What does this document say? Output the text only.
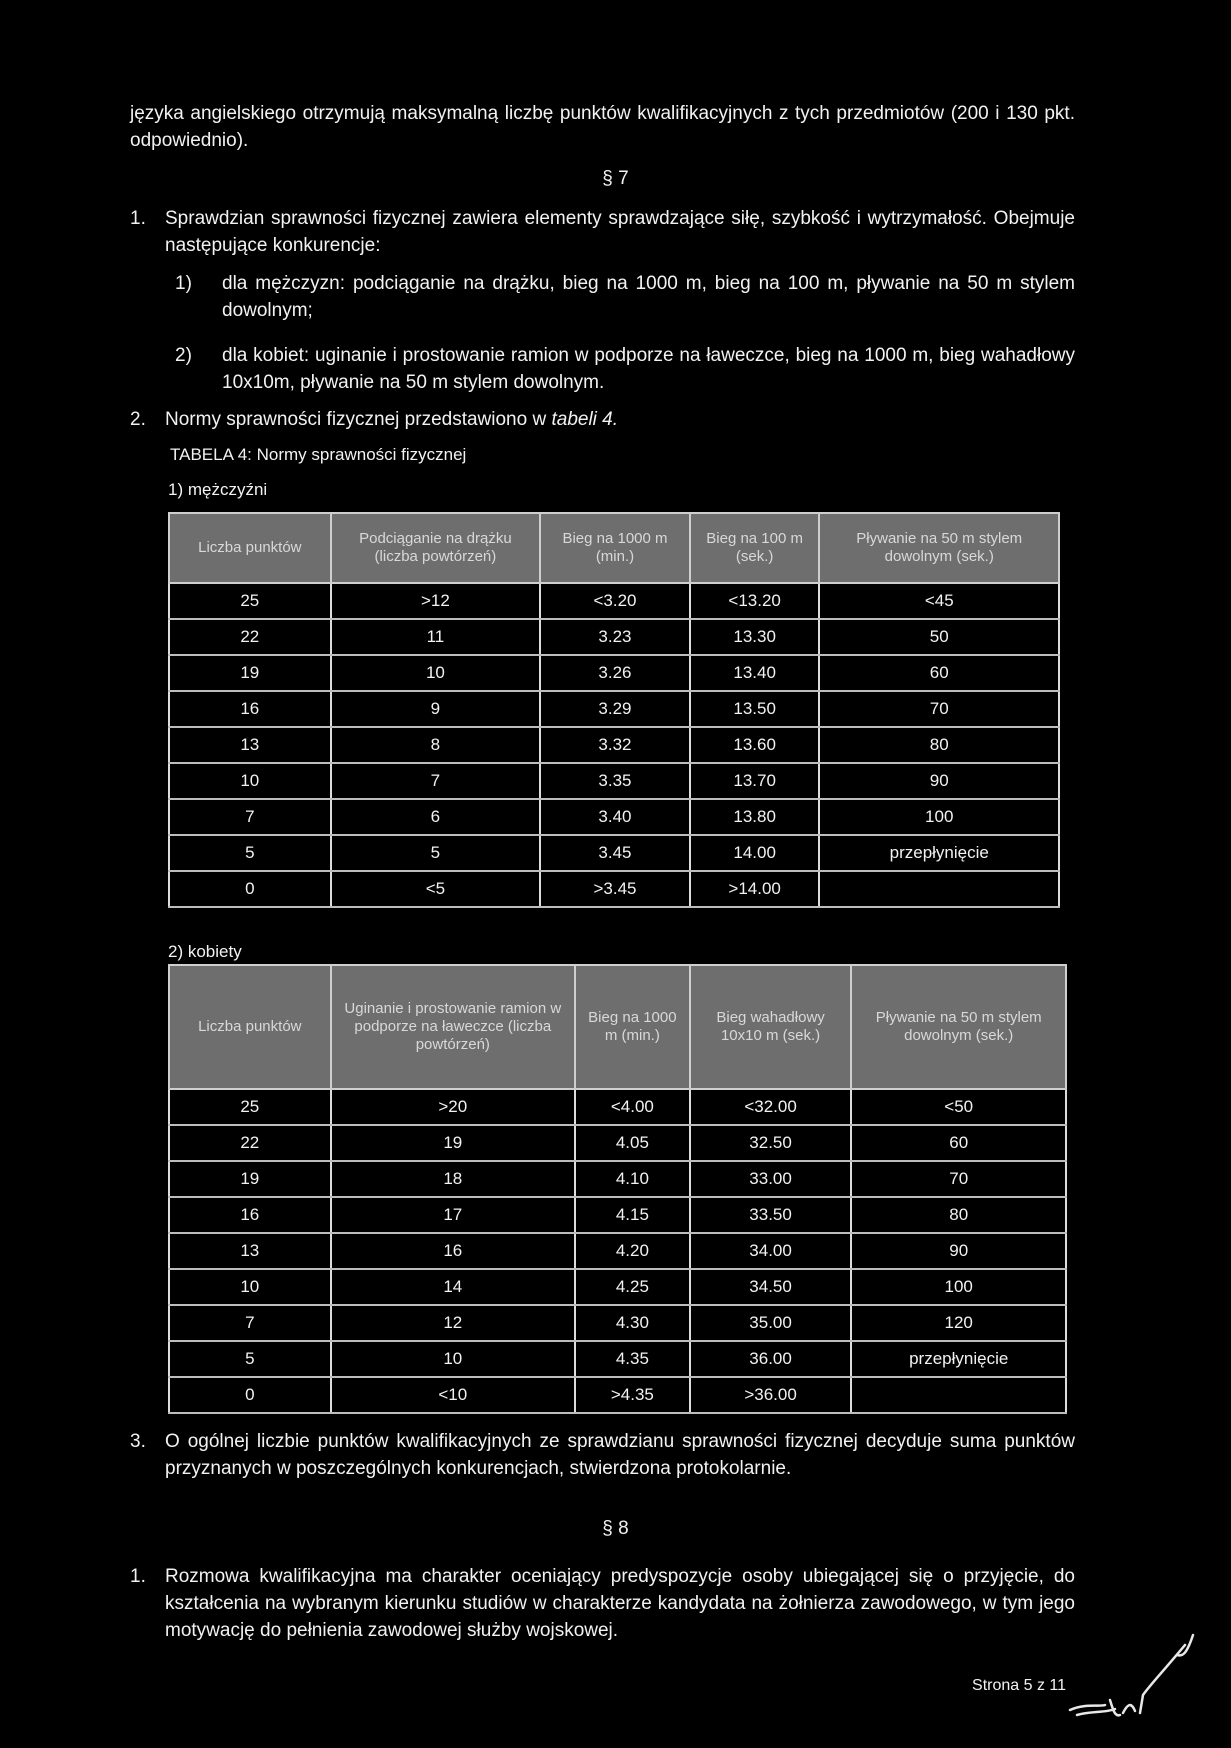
języka angielskiego otrzymują maksymalną liczbę punktów kwalifikacyjnych z tych przedmiotów (200 i 130 pkt. odpowiednio).
§ 7
1. Sprawdzian sprawności fizycznej zawiera elementy sprawdzające siłę, szybkość i wytrzymałość. Obejmuje następujące konkurencje:
1) dla mężczyzn: podciąganie na drążku, bieg na 1000 m, bieg na 100 m, pływanie na 50 m stylem dowolnym;
2) dla kobiet: uginanie i prostowanie ramion w podporze na ławeczce, bieg na 1000 m, bieg wahadłowy 10x10m, pływanie na 50 m stylem dowolnym.
2. Normy sprawności fizycznej przedstawiono w tabeli 4.
TABELA 4: Normy sprawności fizycznej
1) mężczyźni
Liczba punktów	Podciąganie na drążku (liczba powtórzeń)	Bieg na 1000 m (min.)	Bieg na 100 m (sek.)	Pływanie na 50 m stylem dowolnym (sek.)
25	>12	<3.20	<13.20	<45
22	11	3.23	13.30	50
19	10	3.26	13.40	60
16	9	3.29	13.50	70
13	8	3.32	13.60	80
10	7	3.35	13.70	90
7	6	3.40	13.80	100
5	5	3.45	14.00	przepłynięcie
0	<5	>3.45	>14.00	
2) kobiety
Liczba punktów	Uginanie i prostowanie ramion w podporze na ławeczce (liczba powtórzeń)	Bieg na 1000 m (min.)	Bieg wahadłowy 10x10 m (sek.)	Pływanie na 50 m stylem dowolnym (sek.)
25	>20	<4.00	<32.00	<50
22	19	4.05	32.50	60
19	18	4.10	33.00	70
16	17	4.15	33.50	80
13	16	4.20	34.00	90
10	14	4.25	34.50	100
7	12	4.30	35.00	120
5	10	4.35	36.00	przepłynięcie
0	<10	>4.35	>36.00	
3. O ogólnej liczbie punktów kwalifikacyjnych ze sprawdzianu sprawności fizycznej decyduje suma punktów przyznanych w poszczególnych konkurencjach, stwierdzona protokolarnie.
§ 8
1. Rozmowa kwalifikacyjna ma charakter oceniający predyspozycje osoby ubiegającej się o przyjęcie, do kształcenia na wybranym kierunku studiów w charakterze kandydata na żołnierza zawodowego, w tym jego motywację do pełnienia zawodowej służby wojskowej.
Strona 5 z 11
